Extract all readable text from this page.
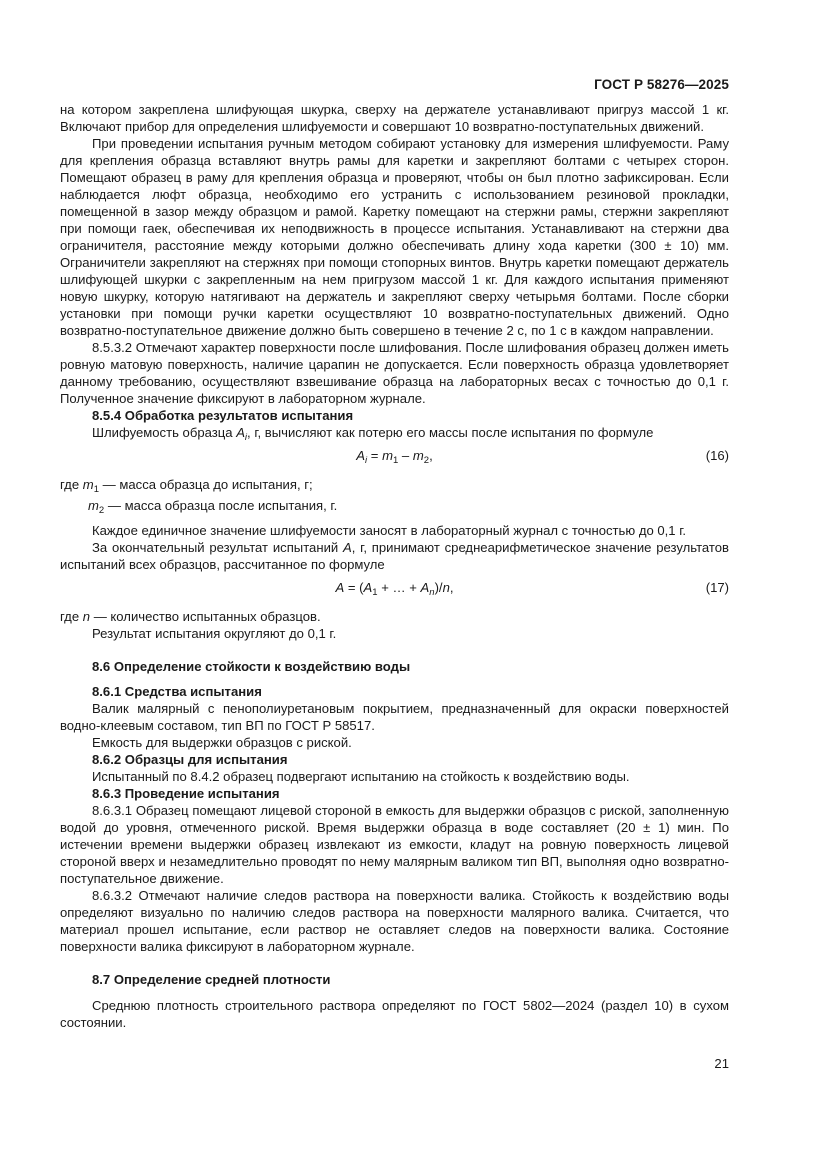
ГОСТ Р 58276—2025

на котором закреплена шлифующая шкурка, сверху на держателе устанавливают пригруз массой 1 кг. Включают прибор для определения шлифуемости и совершают 10 возвратно-поступательных движений.

При проведении испытания ручным методом собирают установку для измерения шлифуемости. Раму для крепления образца вставляют внутрь рамы для каретки и закрепляют болтами с четырех сторон. Помещают образец в раму для крепления образца и проверяют, чтобы он был плотно зафиксирован. Если наблюдается люфт образца, необходимо его устранить с использованием резиновой прокладки, помещенной в зазор между образцом и рамой. Каретку помещают на стержни рамы, стержни закрепляют при помощи гаек, обеспечивая их неподвижность в процессе испытания. Устанавливают на стержни два ограничителя, расстояние между которыми должно обеспечивать длину хода каретки (300 ± 10) мм. Ограничители закрепляют на стержнях при помощи стопорных винтов. Внутрь каретки помещают держатель шлифующей шкурки с закрепленным на нем пригрузом массой 1 кг. Для каждого испытания применяют новую шкурку, которую натягивают на держатель и закрепляют сверху четырьмя болтами. После сборки установки при помощи ручки каретки осуществляют 10 возвратно-поступательных движений. Одно возвратно-поступательное движение должно быть совершено в течение 2 с, по 1 с в каждом направлении.

8.5.3.2 Отмечают характер поверхности после шлифования. После шлифования образец должен иметь ровную матовую поверхность, наличие царапин не допускается. Если поверхность образца удовлетворяет данному требованию, осуществляют взвешивание образца на лабораторных весах с точностью до 0,1 г. Полученное значение фиксируют в лабораторном журнале.

8.5.4 Обработка результатов испытания

Шлифуемость образца $A_i$, г, вычисляют как потерю его массы после испытания по формуле

$A_i = m_1 - m_2$,	(16)

где $m_1$ — масса образца до испытания, г;

$m_2$ — масса образца после испытания, г.

Каждое единичное значение шлифуемости заносят в лабораторный журнал с точностью до 0,1 г.

За окончательный результат испытаний A, г, принимают среднеарифметическое значение результатов испытаний всех образцов, рассчитанное по формуле

$A = (A_1$ + … + $A_n)/n$,	(17)

где n — количество испытанных образцов.

Результат испытания округляют до 0,1 г.

8.6 Определение стойкости к воздействию воды
8.6.1 Средства испытания

Валик малярный с пенополиуретановым покрытием, предназначенный для окраски поверхностей водно-клеевым составом, тип ВП по ГОСТ Р 58517.

Емкость для выдержки образцов с риской.

8.6.2 Образцы для испытания

Испытанный по 8.4.2 образец подвергают испытанию на стойкость к воздействию воды.

8.6.3 Проведение испытания

8.6.3.1 Образец помещают лицевой стороной в емкость для выдержки образцов с риской, заполненную водой до уровня, отмеченного риской. Время выдержки образца в воде составляет (20 ± 1) мин. По истечении времени выдержки образец извлекают из емкости, кладут на ровную поверхность лицевой стороной вверх и незамедлительно проводят по нему малярным валиком тип ВП, выполняя одно возвратно-поступательное движение.

8.6.3.2 Отмечают наличие следов раствора на поверхности валика. Стойкость к воздействию воды определяют визуально по наличию следов раствора на поверхности малярного валика. Считается, что материал прошел испытание, если раствор не оставляет следов на поверхности валика. Состояние поверхности валика фиксируют в лабораторном журнале.

8.7 Определение средней плотности

Среднюю плотность строительного раствора определяют по ГОСТ 5802—2024 (раздел 10) в сухом состоянии.

21
